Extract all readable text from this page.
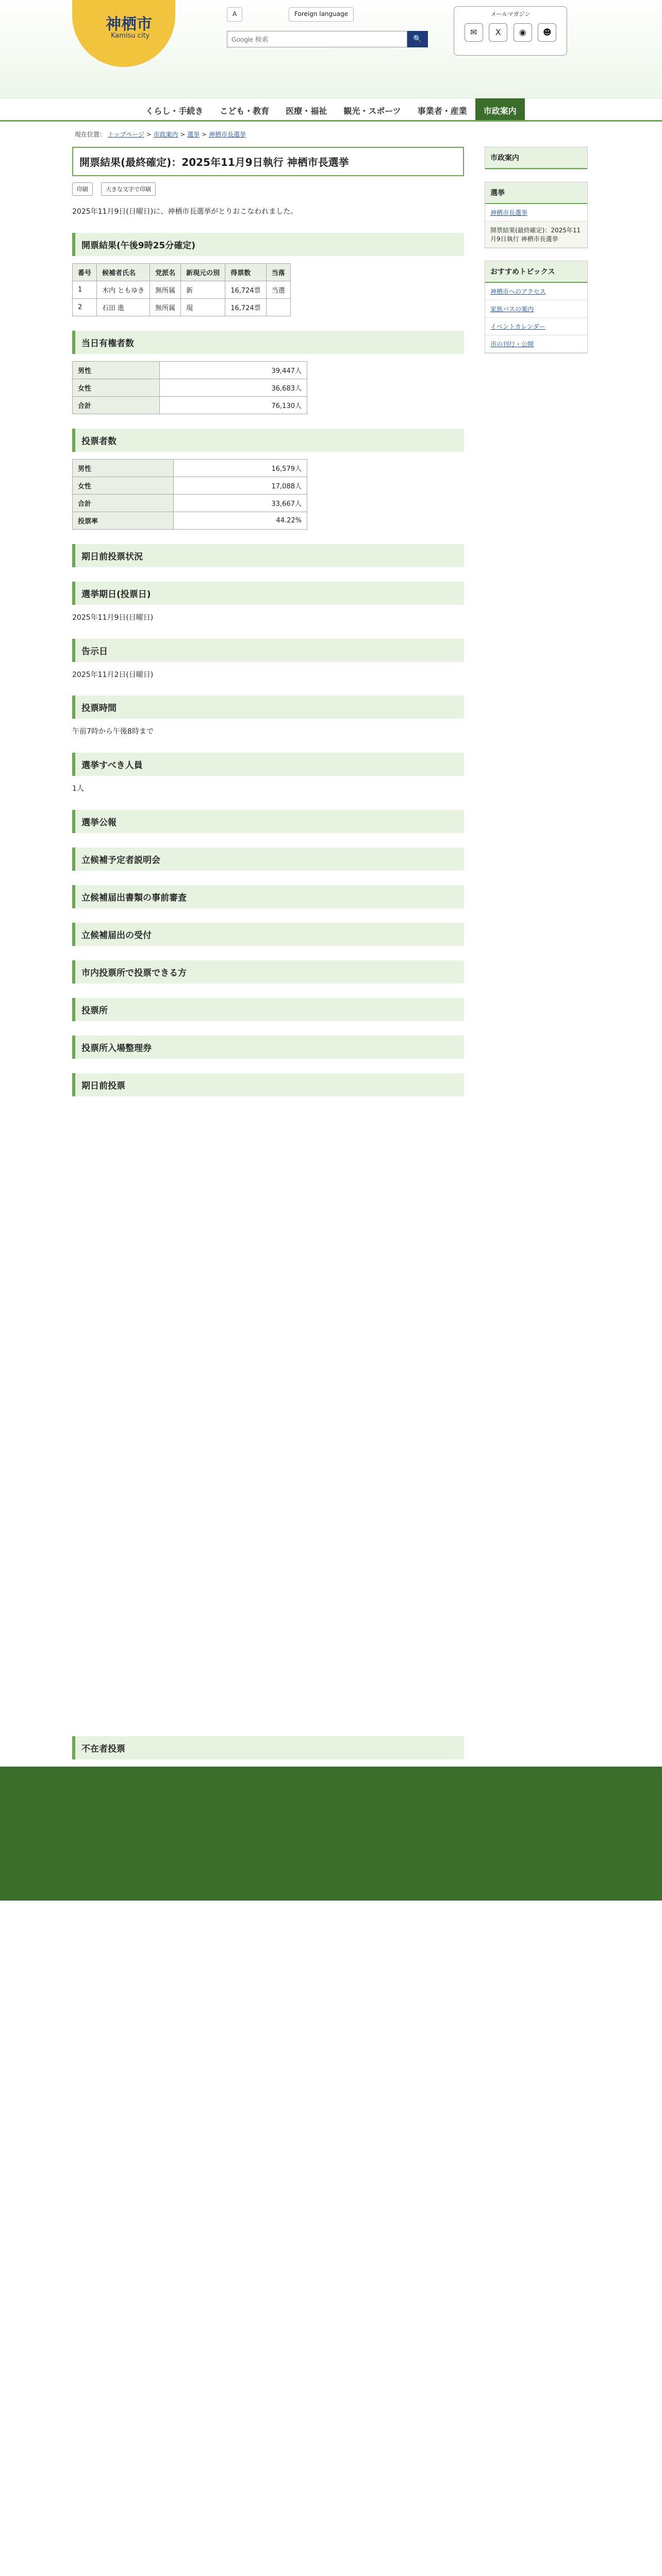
神栖市
Kamisu city
A	Foreign language
Google 検索
🔍
メールマガジン
✉ X ◉ ☻
くらし・手続き	こども・教育	医療・福祉	観光・スポーツ	事業者・産業	市政案内
現在位置： トップページ > 市政案内 > 選挙 > 神栖市長選挙
開票結果(最終確定)：2025年11月9日執行 神栖市長選挙
印刷	大きな文字で印刷

2025年11月9日(日曜日)に、神栖市長選挙がとりおこなわれました。

開票結果(午後9時25分確定)
番号	候補者氏名	党派名	新現元の別	得票数	当落
1	木内 ともゆき	無所属	新	16,724票	当選
2	石田 進	無所属	現	16,724票	
当日有権者数
男性	39,447人
女性	36,683人
合計	76,130人
投票者数
男性	16,579人
女性	17,088人
合計	33,667人
投票率	44.22%
期日前投票状況
選挙期日(投票日)

2025年11月9日(日曜日)

告示日

2025年11月2日(日曜日)

投票時間

午前7時から午後8時まで

選挙すべき人員

1人

選挙公報
立候補予定者説明会
立候補届出書類の事前審査
立候補届出の受付
市内投票所で投票できる方
投票所
投票所入場整理券
期日前投票
不在者投票
市政案内
選挙
神栖市長選挙
開票結果(最終確定)：2025年11月9日執行 神栖市長選挙
おすすめトピックス
神栖市へのアクセス
家族バスの案内
イベントカレンダー
市の刊行・公開
